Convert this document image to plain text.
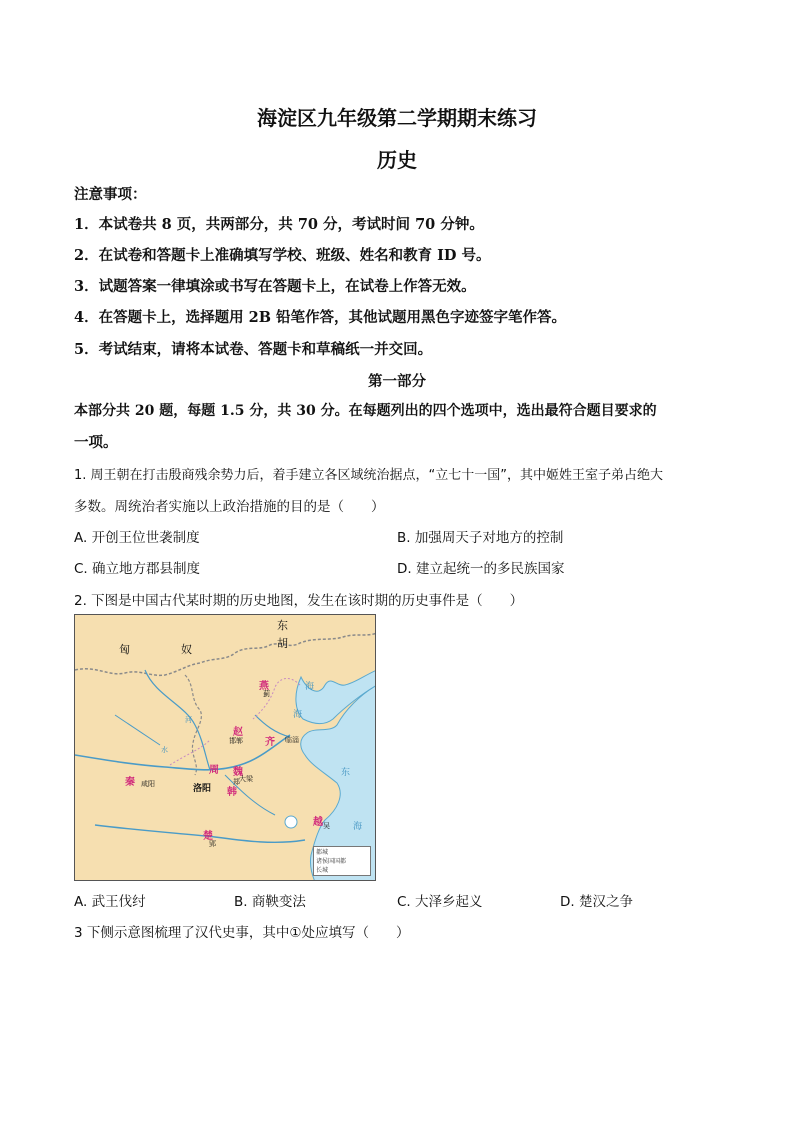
海淀区九年级第二学期期末练习
历史
注意事项：
1．本试卷共 8 页，共两部分，共 70 分，考试时间 70 分钟。
2．在试卷和答题卡上准确填写学校、班级、姓名和教育 ID 号。
3．试题答案一律填涂或书写在答题卡上，在试卷上作答无效。
4．在答题卡上，选择题用 2B 铅笔作答，其他试题用黑色字迹签字笔作答。
5．考试结束，请将本试卷、答题卡和草稿纸一并交回。
第一部分
本部分共 20 题，每题 1.5 分，共 30 分。在每题列出的四个选项中，选出最符合题目要求的
一项。
1. 周王朝在打击殷商残余势力后，着手建立各区域统治据点，“立七十一国”，其中姬姓王室子弟占绝大
多数。周统治者实施以上政治措施的目的是（　　）
A. 开创王位世袭制度	B. 加强周天子对地方的控制
C. 确立地方郡县制度	D. 建立起统一的多民族国家
2. 下图是中国古代某时期的历史地图，发生在该时期的历史事件是（　　）
匈	奴
东
胡
燕
蓟
赵
邯郸 齐 临淄
周 魏
大梁
秦 咸阳	洛阳 韩
郑
楚
郢
越 吴
海
海
东
海
河
水
都城
诸侯国国都
长城
A. 武王伐纣	B. 商鞅变法	C. 大泽乡起义	D. 楚汉之争
3 下侧示意图梳理了汉代史事，其中①处应填写（　　）
